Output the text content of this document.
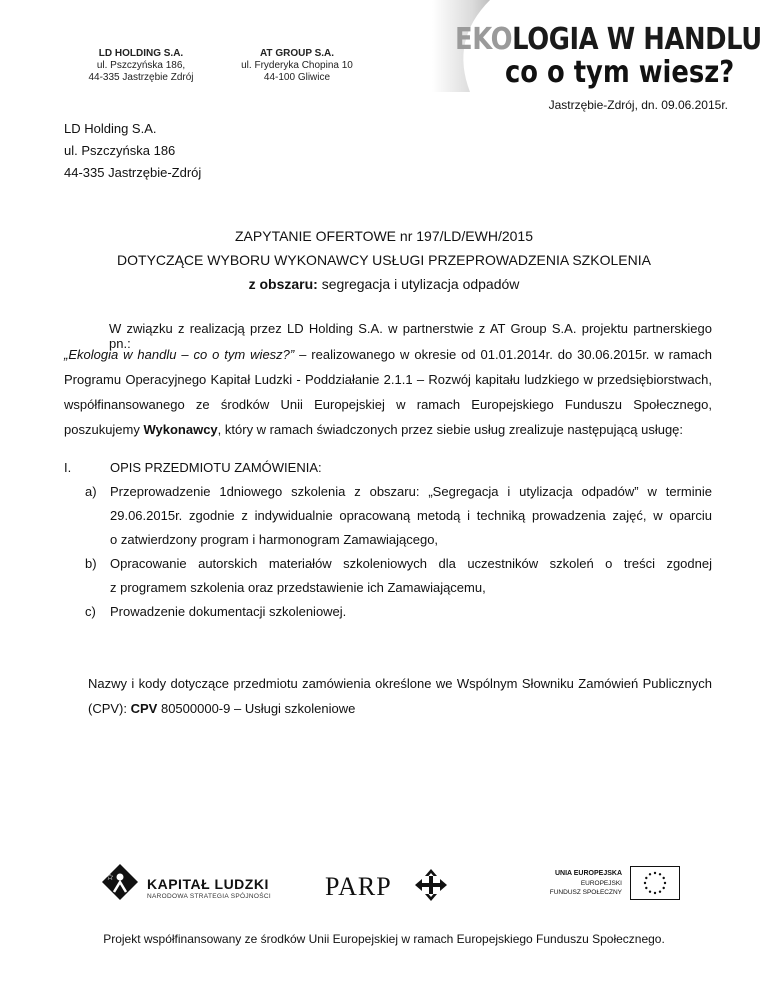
LD HOLDING S.A.
ul. Pszczyńska 186,
44-335 Jastrzębie Zdrój
AT GROUP S.A.
ul. Fryderyka Chopina 10
44-100 Gliwice
EKOLOGIA W HANDLU
co o tym wiesz?
Jastrzębie-Zdrój, dn. 09.06.2015r.
LD Holding S.A.
ul. Pszczyńska 186
44-335 Jastrzębie-Zdrój
ZAPYTANIE OFERTOWE nr 197/LD/EWH/2015
DOTYCZĄCE WYBORU WYKONAWCY USŁUGI PRZEPROWADZENIA SZKOLENIA
z obszaru: segregacja i utylizacja odpadów
W związku z realizacją przez LD Holding S.A. w partnerstwie z AT Group S.A. projektu partnerskiego pn.:
„Ekologia w handlu – co o tym wiesz?” – realizowanego w okresie od 01.01.2014r. do 30.06.2015r. w ramach
Programu Operacyjnego Kapitał Ludzki - Poddziałanie 2.1.1 – Rozwój kapitału ludzkiego w przedsiębiorstwach,
współfinansowanego ze środków Unii Europejskiej w ramach Europejskiego Funduszu Społecznego,
poszukujemy Wykonawcy, który w ramach świadczonych przez siebie usług zrealizuje następującą usługę:
I.	OPIS PRZEDMIOTU ZAMÓWIENIA:
a) Przeprowadzenie 1dniowego szkolenia z obszaru: „Segregacja i utylizacja odpadów” w terminie
29.06.2015r. zgodnie z indywidualnie opracowaną metodą i techniką prowadzenia zajęć, w oparciu
o zatwierdzony program i harmonogram Zamawiającego,
b) Opracowanie autorskich materiałów szkoleniowych dla uczestników szkoleń o treści zgodnej
z programem szkolenia oraz przedstawienie ich Zamawiającemu,
c) Prowadzenie dokumentacji szkoleniowej.
Nazwy i kody dotyczące przedmiotu zamówienia określone we Wspólnym Słowniku Zamówień Publicznych
(CPV): CPV 80500000-9 – Usługi szkoleniowe
KAPITAŁ LUDZKI
NARODOWA STRATEGIA SPÓJNOŚCI PARP	UNIA EUROPEJSKA
EUROPEJSKI
FUNDUSZ SPOŁECZNY
Projekt współfinansowany ze środków Unii Europejskiej w ramach Europejskiego Funduszu Społecznego.
